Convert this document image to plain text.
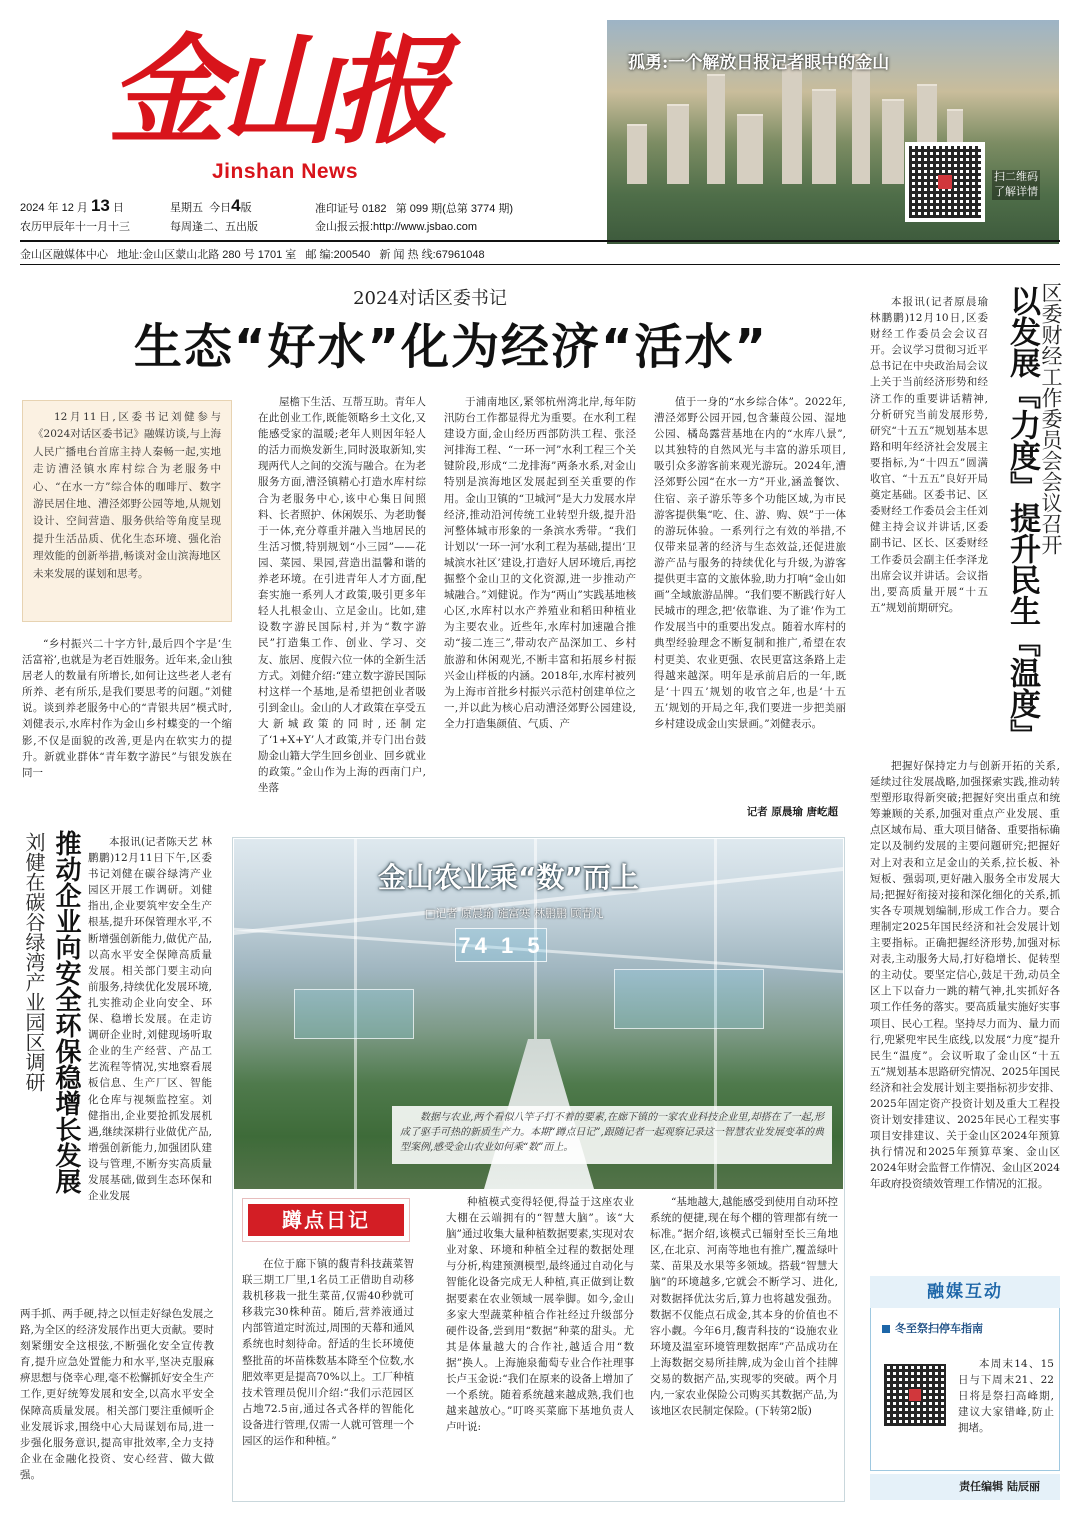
金山报
Jinshan News
2024 年 12 月 13 日	星期五 今日4版	准印证号 0182 第 099 期(总第 3774 期)
农历甲辰年十一月十三	每周逢二、五出版	金山报云报:http://www.jsbao.com
孤勇:一个解放日报记者眼中的金山
扫二维码 了解详情
金山区融媒体中心 地址:金山区蒙山北路 280 号 1701 室 邮 编:200540 新 闻 热 线:67961048
2024对话区委书记
生态“好水”化为经济“活水”

12月11日,区委书记刘健参与《2024对话区委书记》融媒访谈,与上海人民广播电台首席主持人秦畅一起,实地走访漕泾镇水库村综合为老服务中心、“在水一方”综合体的咖啡厅、数字游民居住地、漕泾郊野公园等地,从规划设计、空间营造、服务供给等角度呈现提升生活品质、优化生态环境、强化治理效能的创新举措,畅谈对金山滨海地区未来发展的谋划和思考。

“乡村振兴二十字方针,最后四个字是‘生活富裕’,也就是为老百姓服务。近年来,金山独居老人的数量有所增长,如何让这些老人老有所养、老有所乐,是我们要思考的问题。”刘健说。谈到养老服务中心的“青银共居”模式时,刘健表示,水库村作为金山乡村蝶变的一个缩影,不仅是面貌的改善,更是内在软实力的提升。新就业群体“青年数字游民”与银发族在同一

屋檐下生活、互帮互助。青年人在此创业工作,既能领略乡土文化,又能感受家的温暖;老年人则因年轻人的活力而焕发新生,同时汲取新知,实现两代人之间的交流与融合。在为老服务方面,漕泾镇精心打造水库村综合为老服务中心,该中心集日间照料、长者照护、休闲娱乐、为老助餐于一体,充分尊重并融入当地居民的生活习惯,特别规划“小三园”——花园、菜园、果园,营造出温馨和谐的养老环境。在引进青年人才方面,配套实施一系列人才政策,吸引更多年轻人扎根金山、立足金山。比如,建设数字游民国际村,并为“数字游民”打造集工作、创业、学习、交友、旅居、度假六位一体的全新生活方式。刘健介绍:“建立数字游民国际村这样一个基地,是希望把创业者吸引到金山。金山的人才政策在享受五大新城政策的同时,还制定了‘1+X+Y’人才政策,并专门出台鼓励金山籍大学生回乡创业、回乡就业的政策。”金山作为上海的西南门户,坐落

于浦南地区,紧邻杭州湾北岸,每年防汛防台工作都显得尤为重要。在水利工程建设方面,金山经历西部防洪工程、张泾河排海工程、“一环一河”水利工程三个关键阶段,形成“二龙排海”两条水系,对金山特别是滨海地区发展起到至关重要的作用。金山卫镇的“卫城河”是大力发展水岸经济,推动沿河传统工业转型升级,提升沿河整体城市形象的一条滨水秀带。“我们计划以‘一环一河’水利工程为基础,提出‘卫城滨水社区’建设,打造好人居环境后,再挖掘整个金山卫的文化资源,进一步推动产城融合。”刘健说。作为“两山”实践基地核心区,水库村以水产养殖业和稻田种植业为主要农业。近些年,水库村加速融合推动“接二连三”,带动农产品深加工、乡村旅游和休闲观光,不断丰富和拓展乡村振兴金山样板的内涵。2018年,水库村被列为上海市首批乡村振兴示范村创建单位之一,并以此为核心启动漕泾郊野公园建设,全力打造集颜值、气质、产

值于一身的“水乡综合体”。2022年,漕泾郊野公园开园,包含蒹葭公园、湿地公园、橘岛露营基地在内的“水库八景”,以其独特的自然风光与丰富的游乐项目,吸引众多游客前来观光游玩。2024年,漕泾郊野公园“在水一方”开业,涵盖餐饮、住宿、亲子游乐等多个功能区域,为市民游客提供集“吃、住、游、购、娱”于一体的游玩体验。一系列行之有效的举措,不仅带来显著的经济与生态效益,还促进旅游产品与服务的持续优化与升级,为游客提供更丰富的文旅体验,助力打响“金山如画”全域旅游品牌。“我们要不断践行好人民城市的理念,把‘依靠谁、为了谁’作为工作发展当中的重要出发点。随着水库村的典型经验理念不断复制和推广,希望在农村更美、农业更强、农民更富这条路上走得越来越深。明年是承前启后的一年,既是‘十四五’规划的收官之年,也是‘十五五’规划的开局之年,我们要进一步把美丽乡村建设成金山实景画。”刘健表示。

记者 原晨瑜 唐屹超
区委财经工作委员会会议召开
以发展『力度』提升民生『温度』

本报讯(记者原晨瑜 林鹏鹏)12月10日,区委财经工作委员会会议召开。会议学习贯彻习近平总书记在中央政治局会议上关于当前经济形势和经济工作的重要讲话精神,分析研究当前发展形势,研究“十五五”规划基本思路和明年经济社会发展主要指标,为“十四五”圆满收官、“十五五”良好开局奠定基础。区委书记、区委财经工作委员会主任刘健主持会议并讲话,区委副书记、区长、区委财经工作委员会副主任李泽龙出席会议并讲话。会议指出,要高质量开展“十五五”规划前期研究。

把握好保持定力与创新开拓的关系,延续过往发展战略,加强探索实践,推动转型塑形取得新突破;把握好突出重点和统筹兼顾的关系,加强对重点产业发展、重点区域布局、重大项目储备、重要指标确定以及制约发展的主要问题研究;把握好对上对表和立足金山的关系,拉长板、补短板、强弱项,更好融入服务全市发展大局;把握好衔接对接和深化细化的关系,抓实各专项规划编制,形成工作合力。要合理制定2025年国民经济和社会发展计划主要指标。正确把握经济形势,加强对标对表,主动服务大局,打好稳增长、促转型的主动仗。要坚定信心,鼓足干劲,动员全区上下以奋力一跳的精气神,扎实抓好各项工作任务的落实。要高质量实施好实事项目、民心工程。坚持尽力而为、量力而行,兜紧兜牢民生底线,以发展“力度”提升民生“温度”。会议听取了金山区“十五五”规划基本思路研究情况、2025年国民经济和社会发展计划主要指标初步安排、2025年固定资产投资计划及重大工程投资计划安排建议、2025年民心工程实事项目安排建议、关于金山区2024年预算执行情况和2025年预算草案、金山区2024年财会监督工作情况、金山区2024年政府投资绩效管理工作情况的汇报。

刘健在碳谷绿湾产业园区调研 推动企业向安全环保稳增长发展	本报讯(记者陈天艺 林鹏鹏)12月11日下午,区委书记刘健在碳谷绿湾产业园区开展工作调研。刘健指出,企业要筑牢安全生产根基,提升环保管理水平,不断增强创新能力,做优产品,以高水平安全保障高质量发展。相关部门要主动向前服务,持续优化发展环境,扎实推动企业向安全、环保、稳增长发展。在走访调研企业时,刘健现场听取企业的生产经营、产品工艺流程等情况,实地察看展板信息、生产厂区、智能化仓库与视频监控室。刘健指出,企业要抢抓发展机遇,继续深耕行业做优产品,增强创新能力,加强团队建设与管理,不断夯实高质量发展基础,做到生态环保和企业发展

两手抓、两手硬,持之以恒走好绿色发展之路,为全区的经济发展作出更大贡献。要时刻紧绷安全这根弦,不断强化安全宣传教育,提升应急处置能力和水平,坚决克服麻痹思想与侥幸心理,毫不松懈抓好安全生产工作,更好统筹发展和安全,以高水平安全保障高质量发展。相关部门要注重倾听企业发展诉求,围绕中心大局谋划布局,进一步强化服务意识,提高审批效率,全力支持企业在金融化投资、安心经营、做大做强。

金山农业乘“数”而上
□记者 原晨瑜 施富寒 林鹏鹏 顾青凡
74 1 5

数据与农业,两个看似八竿子打不着的要素,在廊下镇的一家农业科技企业里,却搭在了一起,形成了驱手可热的新质生产力。本期“蹲点日记”,跟随记者一起观察记录这一智慧农业发展变革的典型案例,感受金山农业如何乘“数”而上。

蹲点日记

在位于廊下镇的馥青科技蔬菜智联三期工厂里,1名员工正借助自动移栽机移栽一批生菜苗,仅需40秒就可移栽完30株种苗。随后,营养液通过内部管道定时流过,周围的天幕和通风系统也时刻待命。舒适的生长环境使整批苗的坏苗株数基本降至个位数,水肥效率更是提高70%以上。工厂种植技术管理员倪川介绍:“我们示范园区占地72.5亩,通过各式各样的智能化设备进行管理,仅需一人就可管理一个园区的运作和种植。”

种植模式变得轻便,得益于这座农业大棚在云端拥有的“智慧大脑”。该“大脑”通过收集大量种植数据要素,实现对农业对象、环境和种植全过程的数据处理与分析,构建预测模型,最终通过自动化与智能化设备完成无人种植,真正做到让数据要素在农业领域一展拳脚。如今,金山多家大型蔬菜种植合作社经过升级部分硬件设备,尝到用“数据”种菜的甜头。尤其是体量越大的合作社,越适合用“数据”换人。上海施泉葡萄专业合作社理事长卢玉金说:“我们在原来的设备上增加了一个系统。随着系统越来越成熟,我们也越来越放心。”叮咚买菜廊下基地负责人卢叶说:

“基地越大,越能感受到使用自动环控系统的便捷,现在每个棚的管理都有统一标准。”据介绍,该模式已辐射至长三角地区,在北京、河南等地也有推广,覆盖绿叶菜、苗果及水果等多领域。搭载“智慧大脑”的环境越多,它就会不断学习、进化,对数据择优汰劣后,算力也将越发强劲。数据不仅能点石成金,其本身的价值也不容小觑。今年6月,馥青科技的“设施农业环境及温室环境管理数据库”产品成功在上海数据交易所挂牌,成为金山首个挂牌交易的数据产品,实现零的突破。两个月内,一家农业保险公司购买其数据产品,为该地区农民制定保险。(下转第2版)

融媒互动
冬至祭扫停车指南

本周末14、15日与下周末21、22日将是祭扫高峰期,建议大家错峰,防止拥堵。

责任编辑 陆辰丽
